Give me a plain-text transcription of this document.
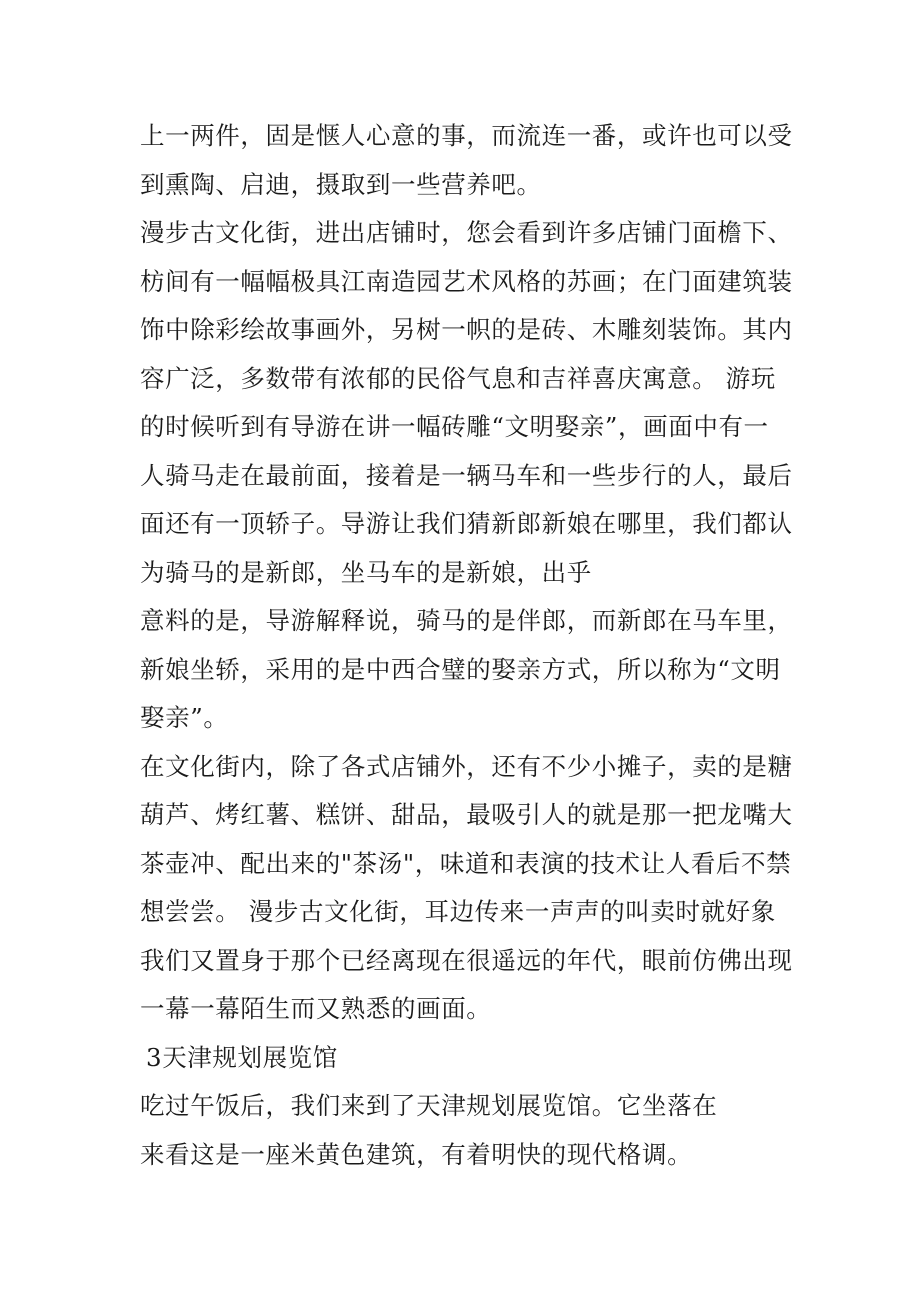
上一两件，固是惬人心意的事，而流连一番，或许也可以受
到熏陶、启迪，摄取到一些营养吧。
漫步古文化街，进出店铺时，您会看到许多店铺门面檐下、
枋间有一幅幅极具江南造园艺术风格的苏画；在门面建筑装
饰中除彩绘故事画外，另树一帜的是砖、木雕刻装饰。其内
容广泛，多数带有浓郁的民俗气息和吉祥喜庆寓意。 游玩
的时候听到有导游在讲一幅砖雕“文明娶亲”，画面中有一
人骑马走在最前面，接着是一辆马车和一些步行的人，最后
面还有一顶轿子。导游让我们猜新郎新娘在哪里，我们都认
为骑马的是新郎，坐马车的是新娘，出乎
意料的是，导游解释说，骑马的是伴郎，而新郎在马车里，
新娘坐轿，采用的是中西合璧的娶亲方式，所以称为“文明
娶亲”。
在文化街内，除了各式店铺外，还有不少小摊子，卖的是糖
葫芦、烤红薯、糕饼、甜品，最吸引人的就是那一把龙嘴大
茶壶冲、配出来的"茶汤"，味道和表演的技术让人看后不禁
想尝尝。 漫步古文化街，耳边传来一声声的叫卖时就好象
我们又置身于那个已经离现在很遥远的年代，眼前仿佛出现
一幕一幕陌生而又熟悉的画面。
3天津规划展览馆
吃过午饭后，我们来到了天津规划展览馆。它坐落在
来看这是一座米黄色建筑，有着明快的现代格调。
